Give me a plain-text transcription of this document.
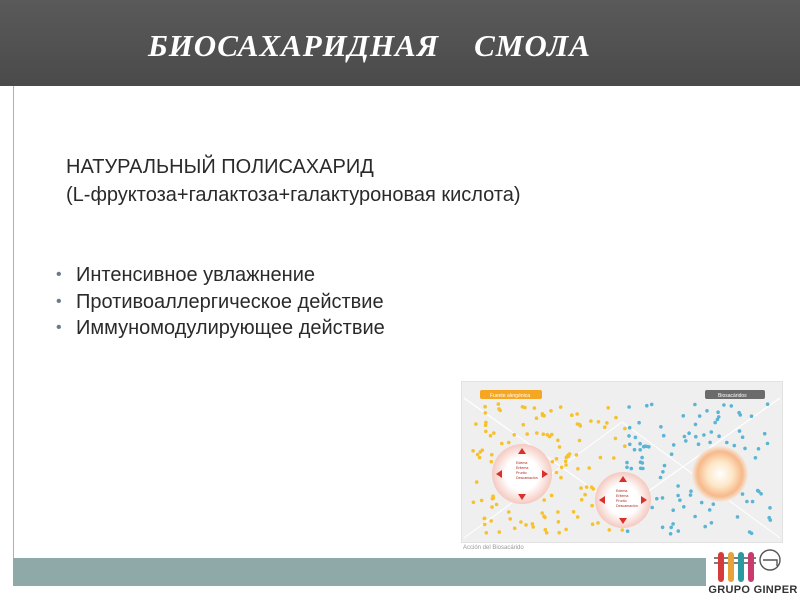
БИОСАХАРИДНАЯ    СМОЛА
НАТУРАЛЬНЫЙ ПОЛИСАХАРИД
(L-фруктоза+галактоза+галактуроновая кислота)
• Интенсивное увлажнение
• Противоаллергическое действие
• Иммуномодулирующее действие
Fuente alergénica	Biosacáridos
Edema
Eritema
Prurito
Descamación
Edema
Eritema
Prurito
Descamación
Acción del Biosacárido
GRUPO GINPER
